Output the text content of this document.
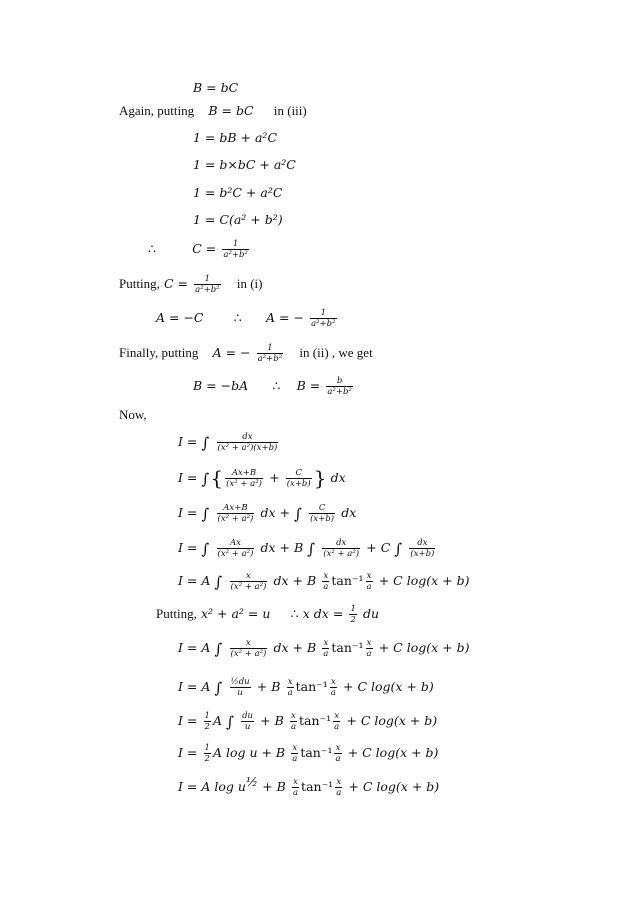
B = bC
Again, putting B = bC in (iii)
1 = bB + a²C
1 = b×bC + a²C
1 = b²C + a²C
1 = C(a² + b²)
∴	$C = \frac{1}{\text{a²+b²}}$
Putting, $C = \frac{1}{\text{a²+b²}}$ in (i)
A = −C ∴ A = − $\frac{1}{\text{a²+b²}}$
Finally, putting A = − $\frac{1}{\text{a²+b²}}$ in (ii) , we get
B = −bA ∴ $B = \frac{b}{\text{a²+b²}}$
Now,
I = ∫ $\frac{dx}{\text{(x² + a²)(x+b)}}$
I = ∫{ $\frac{Ax+B}{\text{(x² + a²)}} + \frac{C}{(x+b)}$ } dx
I = ∫ $\frac{Ax+B}{\text{(x² + a²)}}$ dx + ∫ $\frac{C}{(x+b)}$ dx
I = ∫ $\frac{Ax}{\text{(x² + a²)}}$ dx + B ∫ $\frac{dx}{\text{(x² + a²)}} + C$ ∫ $\frac{dx}{(x+b)}$
I = A ∫ $\frac{x}{\text{(x² + a²)}}$ dx + B $\frac{x}{a} \tan^{-1} \frac{x}{a} + C$ log(x + b)
Putting, x² + a² = u ∴ x dx = $\frac{1}{2}$ du
I = A ∫ $\frac{x}{\text{(x² + a²)}}$ dx + B $\frac{x}{a} \tan^{-1} \frac{x}{a} + C$ log(x + b)
I = A ∫ $\frac{\text{½du}}{u} + B \frac{x}{a} \tan^{-1} \frac{x}{a} + C$ log(x + b)
$I = \frac{1}{2}$ A ∫ $\frac{du}{u} + B \frac{x}{a} \tan^{-1} \frac{x}{a} + C$ log(x + b)
$I = \frac{1}{2}$ A log u + B $\frac{x}{a} \tan^{-1} \frac{x}{a} + C$ log(x + b)
I = A $\log u^{\frac{1}{2}} + B \frac{x}{a} \tan^{-1} \frac{x}{a} + C$ log(x + b)
